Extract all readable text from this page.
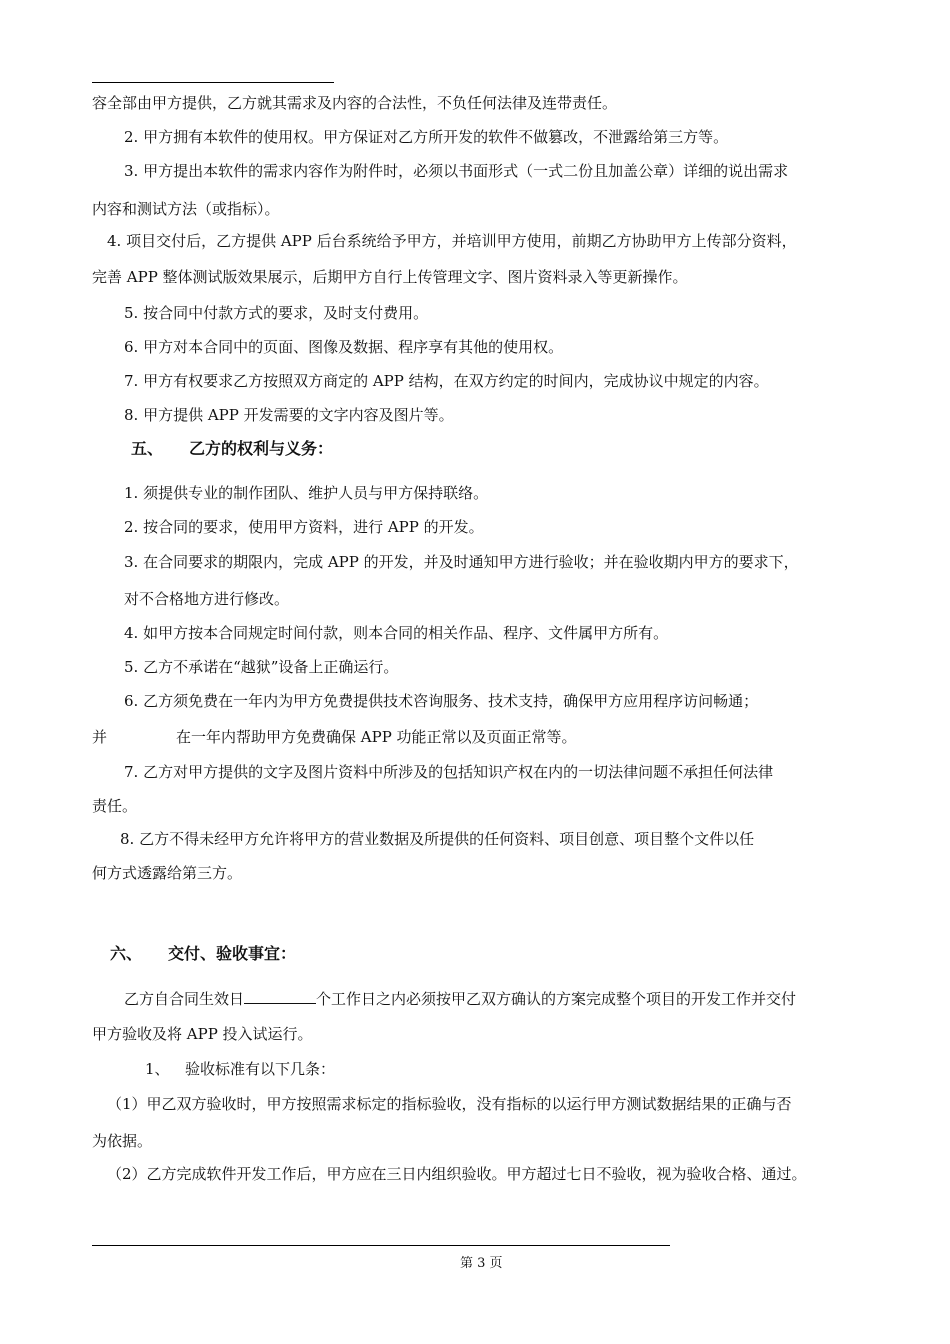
容全部由甲方提供，乙方就其需求及内容的合法性，不负任何法律及连带责任。
2. 甲方拥有本软件的使用权。甲方保证对乙方所开发的软件不做篡改，不泄露给第三方等。
3. 甲方提出本软件的需求内容作为附件时，必须以书面形式（一式二份且加盖公章）详细的说出需求
内容和测试方法（或指标）。
4. 项目交付后，乙方提供 APP 后台系统给予甲方，并培训甲方使用，前期乙方协助甲方上传部分资料，
完善 APP 整体测试版效果展示，后期甲方自行上传管理文字、图片资料录入等更新操作。
5. 按合同中付款方式的要求，及时支付费用。
6. 甲方对本合同中的页面、图像及数据、程序享有其他的使用权。
7. 甲方有权要求乙方按照双方商定的 APP 结构，在双方约定的时间内，完成协议中规定的内容。
8. 甲方提供 APP 开发需要的文字内容及图片等。
五、 乙方的权利与义务：
1. 须提供专业的制作团队、维护人员与甲方保持联络。
2. 按合同的要求，使用甲方资料，进行 APP 的开发。
3. 在合同要求的期限内，完成 APP 的开发，并及时通知甲方进行验收；并在验收期内甲方的要求下，
对不合格地方进行修改。
4. 如甲方按本合同规定时间付款，则本合同的相关作品、程序、文件属甲方所有。
5. 乙方不承诺在“越狱”设备上正确运行。
6. 乙方须免费在一年内为甲方免费提供技术咨询服务、技术支持，确保甲方应用程序访问畅通；
并	在一年内帮助甲方免费确保 APP 功能正常以及页面正常等。
7. 乙方对甲方提供的文字及图片资料中所涉及的包括知识产权在内的一切法律问题不承担任何法律
责任。
8. 乙方不得未经甲方允许将甲方的营业数据及所提供的任何资料、项目创意、项目整个文件以任
何方式透露给第三方。
六、 交付、验收事宜：
乙方自合同生效日	个工作日之内必须按甲乙双方确认的方案完成整个项目的开发工作并交付
甲方验收及将 APP 投入试运行。
1、 验收标准有以下几条：
（1）甲乙双方验收时，甲方按照需求标定的指标验收，没有指标的以运行甲方测试数据结果的正确与否
为依据。
（2）乙方完成软件开发工作后，甲方应在三日内组织验收。甲方超过七日不验收，视为验收合格、通过。
第 3 页
